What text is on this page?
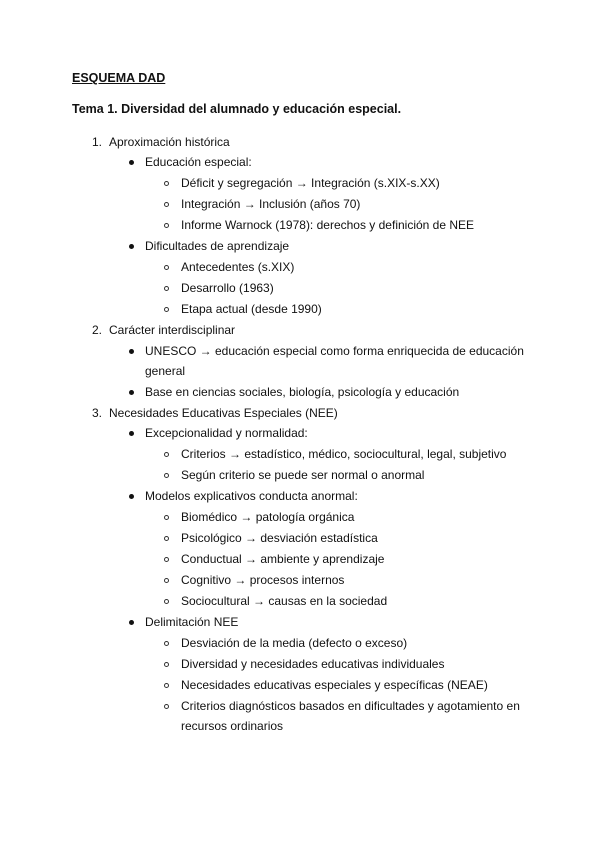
ESQUEMA DAD

Tema 1. Diversidad del alumnado y educación especial.

1. Aproximación histórica
Educación especial:
Déficit y segregación → Integración (s.XIX-s.XX)
Integración → Inclusión (años 70)
Informe Warnock (1978): derechos y definición de NEE
Dificultades de aprendizaje
Antecedentes (s.XIX)
Desarrollo (1963)
Etapa actual (desde 1990)
2. Carácter interdisciplinar
UNESCO → educación especial como forma enriquecida de educación
general
Base en ciencias sociales, biología, psicología y educación
3. Necesidades Educativas Especiales (NEE)
Excepcionalidad y normalidad:
Criterios → estadístico, médico, sociocultural, legal, subjetivo
Según criterio se puede ser normal o anormal
Modelos explicativos conducta anormal:
Biomédico → patología orgánica
Psicológico → desviación estadística
Conductual → ambiente y aprendizaje
Cognitivo → procesos internos
Sociocultural → causas en la sociedad
Delimitación NEE
Desviación de la media (defecto o exceso)
Diversidad y necesidades educativas individuales
Necesidades educativas especiales y específicas (NEAE)
Criterios diagnósticos basados en dificultades y agotamiento en
recursos ordinarios
